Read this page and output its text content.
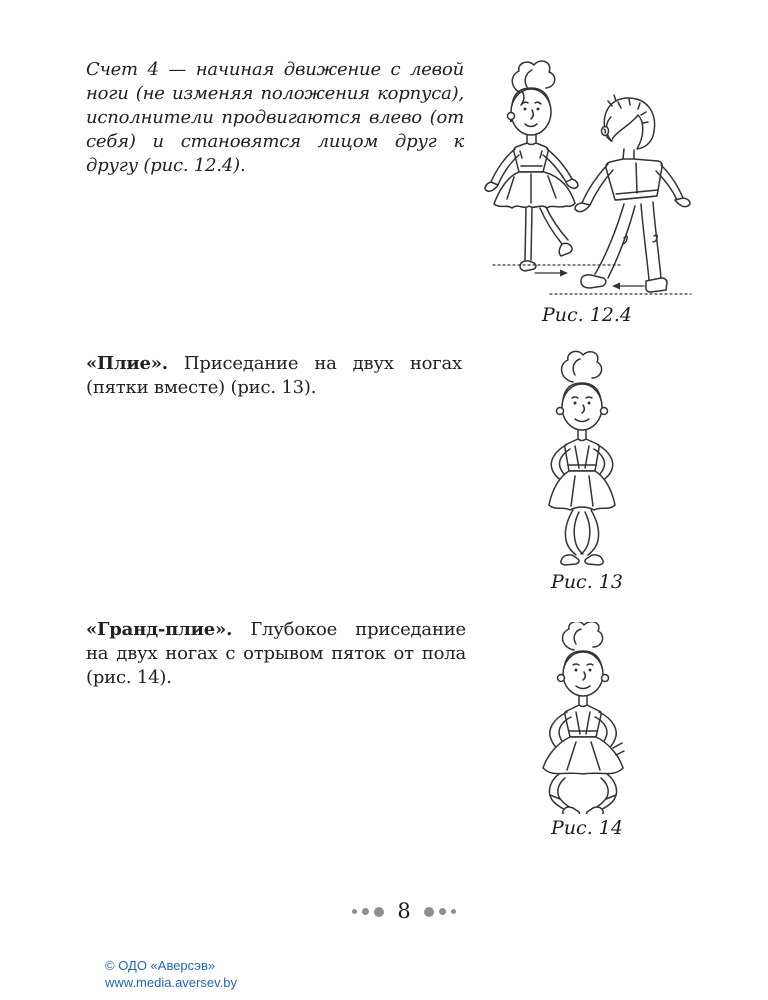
Счет 4 — начиная движение с левой ноги (не изменяя положения корпуса), исполнители продвигаются влево (от себя) и становятся лицом друг к другу (рис. 12.4).
Рис. 12.4
«Плие». Приседание на двух ногах (пятки вместе) (рис. 13).
Рис. 13
«Гранд-плие». Глубокое приседание на двух ногах с отрывом пяток от пола (рис. 14).
Рис. 14
8
© ОДО «Аверсэв»
www.media.aversev.by
